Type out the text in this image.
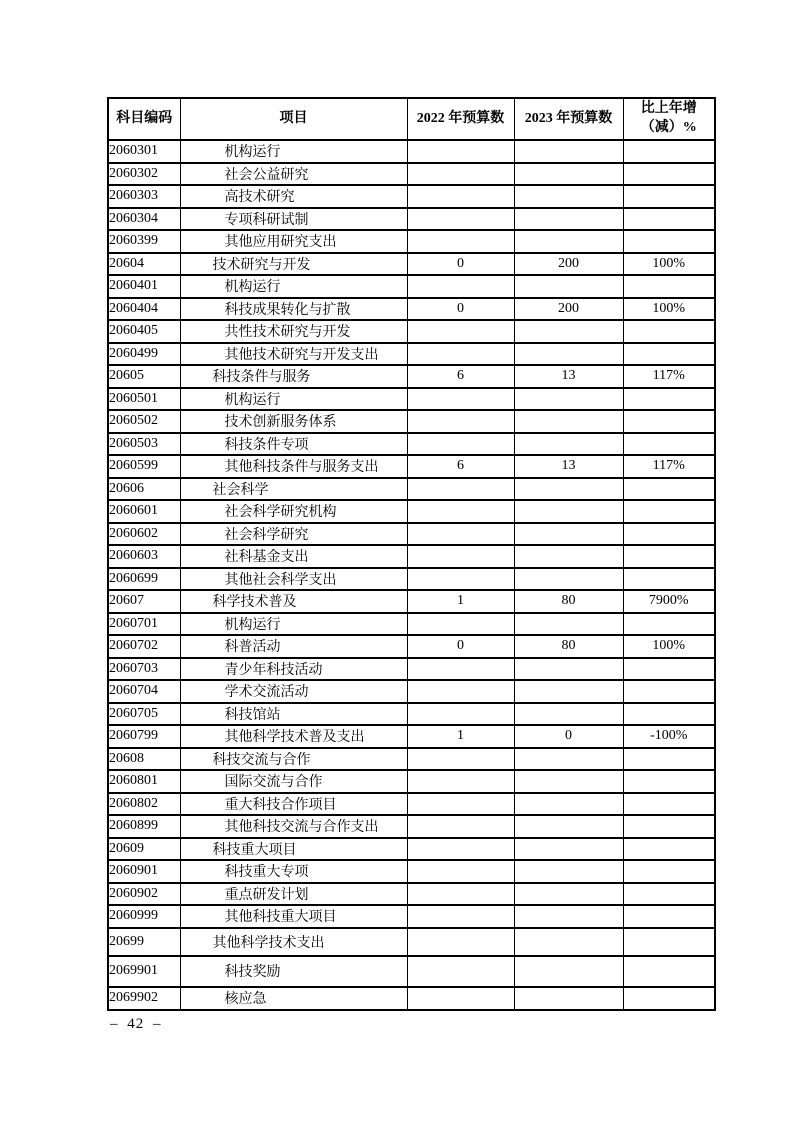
科目编码	项目	2022 年预算数	2023 年预算数	比上年增
（减）%
2060301	机构运行			
2060302	社会公益研究			
2060303	高技术研究			
2060304	专项科研试制			
2060399	其他应用研究支出			
20604	技术研究与开发	0	200	100%
2060401	机构运行			
2060404	科技成果转化与扩散	0	200	100%
2060405	共性技术研究与开发			
2060499	其他技术研究与开发支出			
20605	科技条件与服务	6	13	117%
2060501	机构运行			
2060502	技术创新服务体系			
2060503	科技条件专项			
2060599	其他科技条件与服务支出	6	13	117%
20606	社会科学			
2060601	社会科学研究机构			
2060602	社会科学研究			
2060603	社科基金支出			
2060699	其他社会科学支出			
20607	科学技术普及	1	80	7900%
2060701	机构运行			
2060702	科普活动	0	80	100%
2060703	青少年科技活动			
2060704	学术交流活动			
2060705	科技馆站			
2060799	其他科学技术普及支出	1	0	-100%
20608	科技交流与合作			
2060801	国际交流与合作			
2060802	重大科技合作项目			
2060899	其他科技交流与合作支出			
20609	科技重大项目			
2060901	科技重大专项			
2060902	重点研发计划			
2060999	其他科技重大项目			
20699	其他科学技术支出			
2069901	科技奖励			
2069902	核应急			
– 42 –
